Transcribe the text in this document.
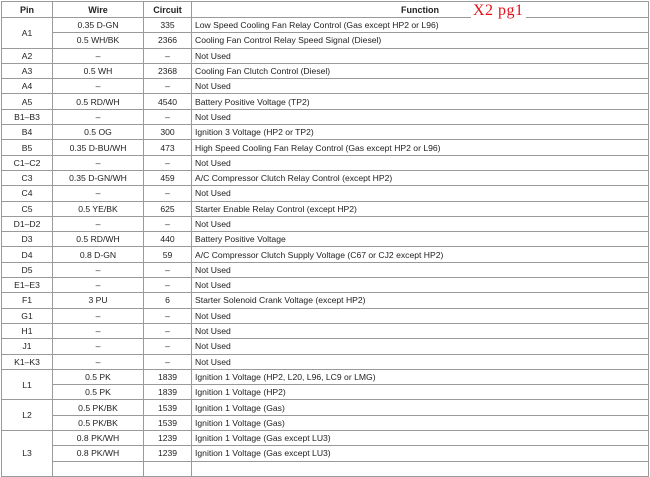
Pin	Wire	Circuit	Function
A1	0.35 D-GN	335	Low Speed Cooling Fan Relay Control (Gas except HP2 or L96)
	0.5 WH/BK	2366	Cooling Fan Control Relay Speed Signal (Diesel)
A2	–	–	Not Used
A3	0.5 WH	2368	Cooling Fan Clutch Control (Diesel)
A4	–	–	Not Used
A5	0.5 RD/WH	4540	Battery Positive Voltage (TP2)
B1–B3	–	–	Not Used
B4	0.5 OG	300	Ignition 3 Voltage (HP2 or TP2)
B5	0.35 D-BU/WH	473	High Speed Cooling Fan Relay Control (Gas except HP2 or L96)
C1–C2	–	–	Not Used
C3	0.35 D-GN/WH	459	A/C Compressor Clutch Relay Control (except HP2)
C4	–	–	Not Used
C5	0.5 YE/BK	625	Starter Enable Relay Control (except HP2)
D1–D2	–	–	Not Used
D3	0.5 RD/WH	440	Battery Positive Voltage
D4	0.8 D-GN	59	A/C Compressor Clutch Supply Voltage (C67 or CJ2 except HP2)
D5	–	–	Not Used
E1–E3	–	–	Not Used
F1	3 PU	6	Starter Solenoid Crank Voltage (except HP2)
G1	–	–	Not Used
H1	–	–	Not Used
J1	–	–	Not Used
K1–K3	–	–	Not Used
L1	0.5 PK	1839	Ignition 1 Voltage (HP2, L20, L96, LC9 or LMG)
	0.5 PK	1839	Ignition 1 Voltage (HP2)
L2	0.5 PK/BK	1539	Ignition 1 Voltage (Gas)
	0.5 PK/BK	1539	Ignition 1 Voltage (Gas)
L3	0.8 PK/WH	1239	Ignition 1 Voltage (Gas except LU3)
	0.8 PK/WH	1239	Ignition 1 Voltage (Gas except LU3)

X2 pg1
